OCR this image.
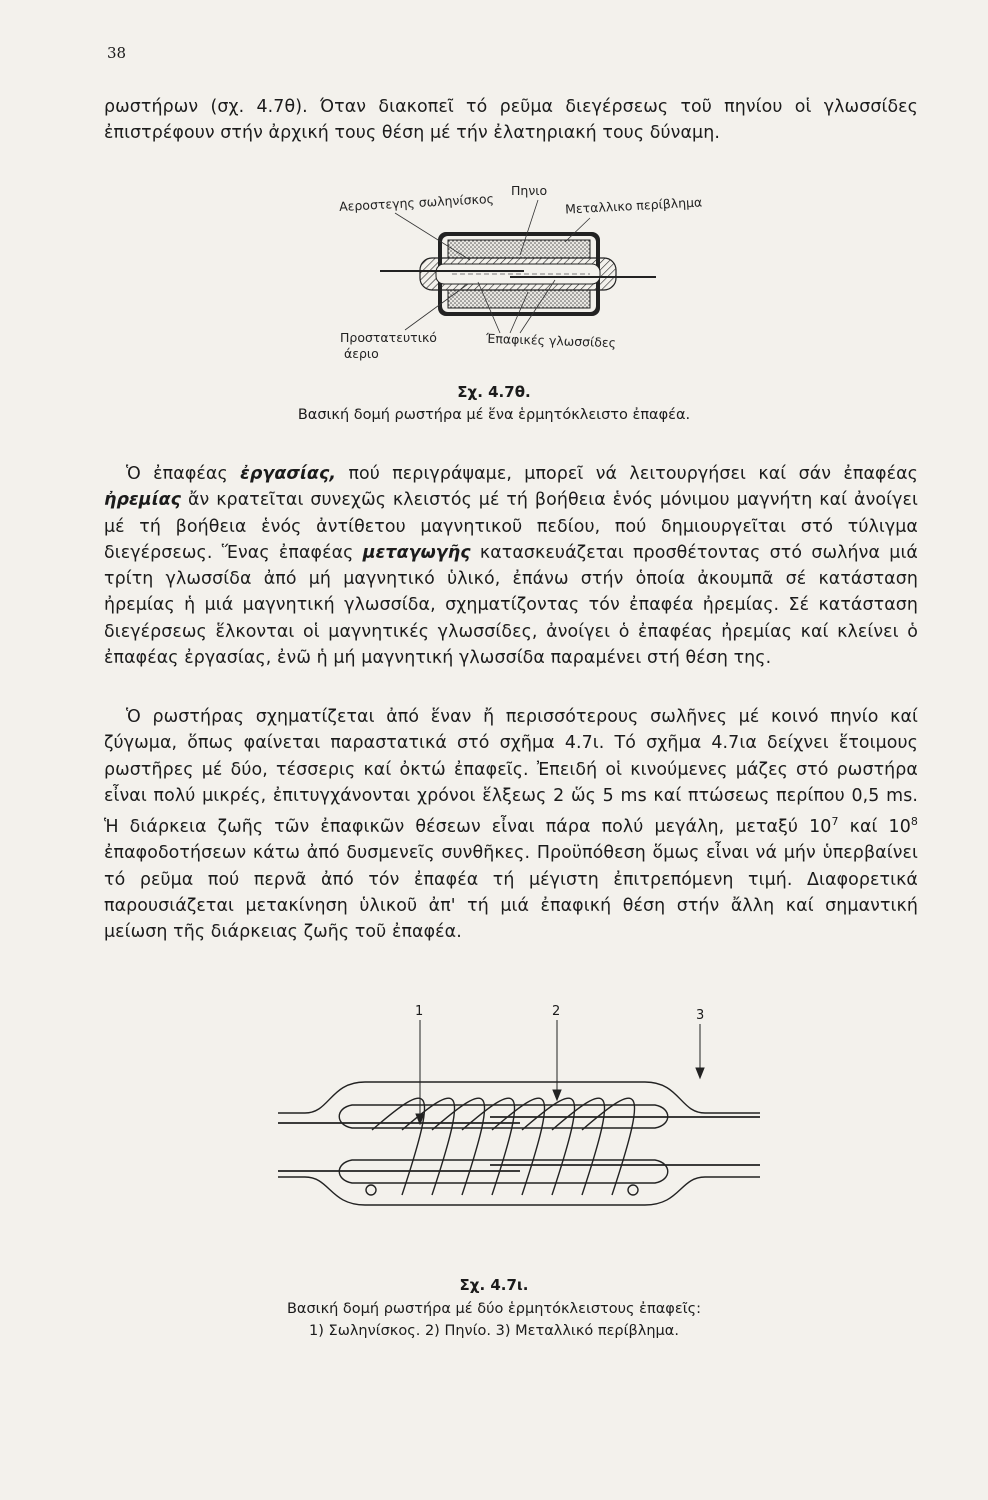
38

ρωστήρων (σχ. 4.7θ). Όταν διακοπεῖ τό ρεῦμα διεγέρσεως τοῦ πηνίου οἱ γλωσσίδες ἐπιστρέφουν στήν ἀρχική τους θέση μέ τήν ἐλατηριακή τους δύναμη.

Πηνιο
Αεροστεγης σωληνίσκος	Μεταλλικο περίβλημα
Προστατευτικό
άεριο
Έπαφικές γλωσσίδες
Σχ. 4.7θ.
Βασική δομή ρωστήρα μέ ἕνα ἑρμητόκλειστο ἐπαφέα.

Ὁ ἐπαφέας ἐργασίας, πού περιγράψαμε, μπορεῖ νά λειτουργήσει καί σάν ἐπαφέας ἠρεμίας ἄν κρατεῖται συνεχῶς κλειστός μέ τή βοήθεια ἑνός μόνιμου μαγνήτη καί ἀνοίγει μέ τή βοήθεια ἑνός ἀντίθετου μαγνητικοῦ πεδίου, πού δημιουργεῖται στό τύλιγμα διεγέρσεως. Ἕνας ἐπαφέας μεταγωγῆς κατασκευάζεται προσθέτοντας στό σωλήνα μιά τρίτη γλωσσίδα ἀπό μή μαγνητικό ὑλικό, ἐπάνω στήν ὁποία ἀκουμπᾶ σέ κατάσταση ἠρεμίας ἡ μιά μαγνητική γλωσσίδα, σχηματίζοντας τόν ἐπαφέα ἠρεμίας. Σέ κατάσταση διεγέρσεως ἕλκονται οἱ μαγνητικές γλωσσίδες, ἀνοίγει ὁ ἐπαφέας ἠρεμίας καί κλείνει ὁ ἐπαφέας ἐργασίας, ἐνῶ ἡ μή μαγνητική γλωσσίδα παραμένει στή θέση της.

Ὁ ρωστήρας σχηματίζεται ἀπό ἕναν ἤ περισσότερους σωλῆνες μέ κοινό πηνίο καί ζύγωμα, ὅπως φαίνεται παραστατικά στό σχῆμα 4.7ι. Τό σχῆμα 4.7ια δείχνει ἕτοιμους ρωστῆρες μέ δύο, τέσσερις καί ὀκτώ ἐπαφεῖς. Ἐπειδή οἱ κινούμενες μάζες στό ρωστήρα εἶναι πολύ μικρές, ἐπιτυγχάνονται χρόνοι ἕλξεως 2 ὥς 5 ms καί πτώσεως περίπου 0,5 ms. Ἡ διάρκεια ζωῆς τῶν ἐπαφικῶν θέσεων εἶναι πάρα πολύ μεγάλη, μεταξύ $10^7$ καί $10^8$ ἐπαφοδοτήσεων κάτω ἀπό δυσμενεῖς συνθῆκες. Προϋπόθεση ὅμως εἶναι νά μήν ὑπερβαίνει τό ρεῦμα πού περνᾶ ἀπό τόν ἐπαφέα τή μέγιστη ἐπιτρεπόμενη τιμή. Διαφορετικά παρουσιάζεται μετακίνηση ὑλικοῦ ἀπ' τή μιά ἐπαφική θέση στήν ἄλλη καί σημαντική μείωση τῆς διάρκειας ζωῆς τοῦ ἐπαφέα.

1	2	3
Σχ. 4.7ι.
Βασική δομή ρωστήρα μέ δύο ἑρμητόκλειστους ἐπαφεῖς:
1) Σωληνίσκος. 2) Πηνίο. 3) Μεταλλικό περίβλημα.
